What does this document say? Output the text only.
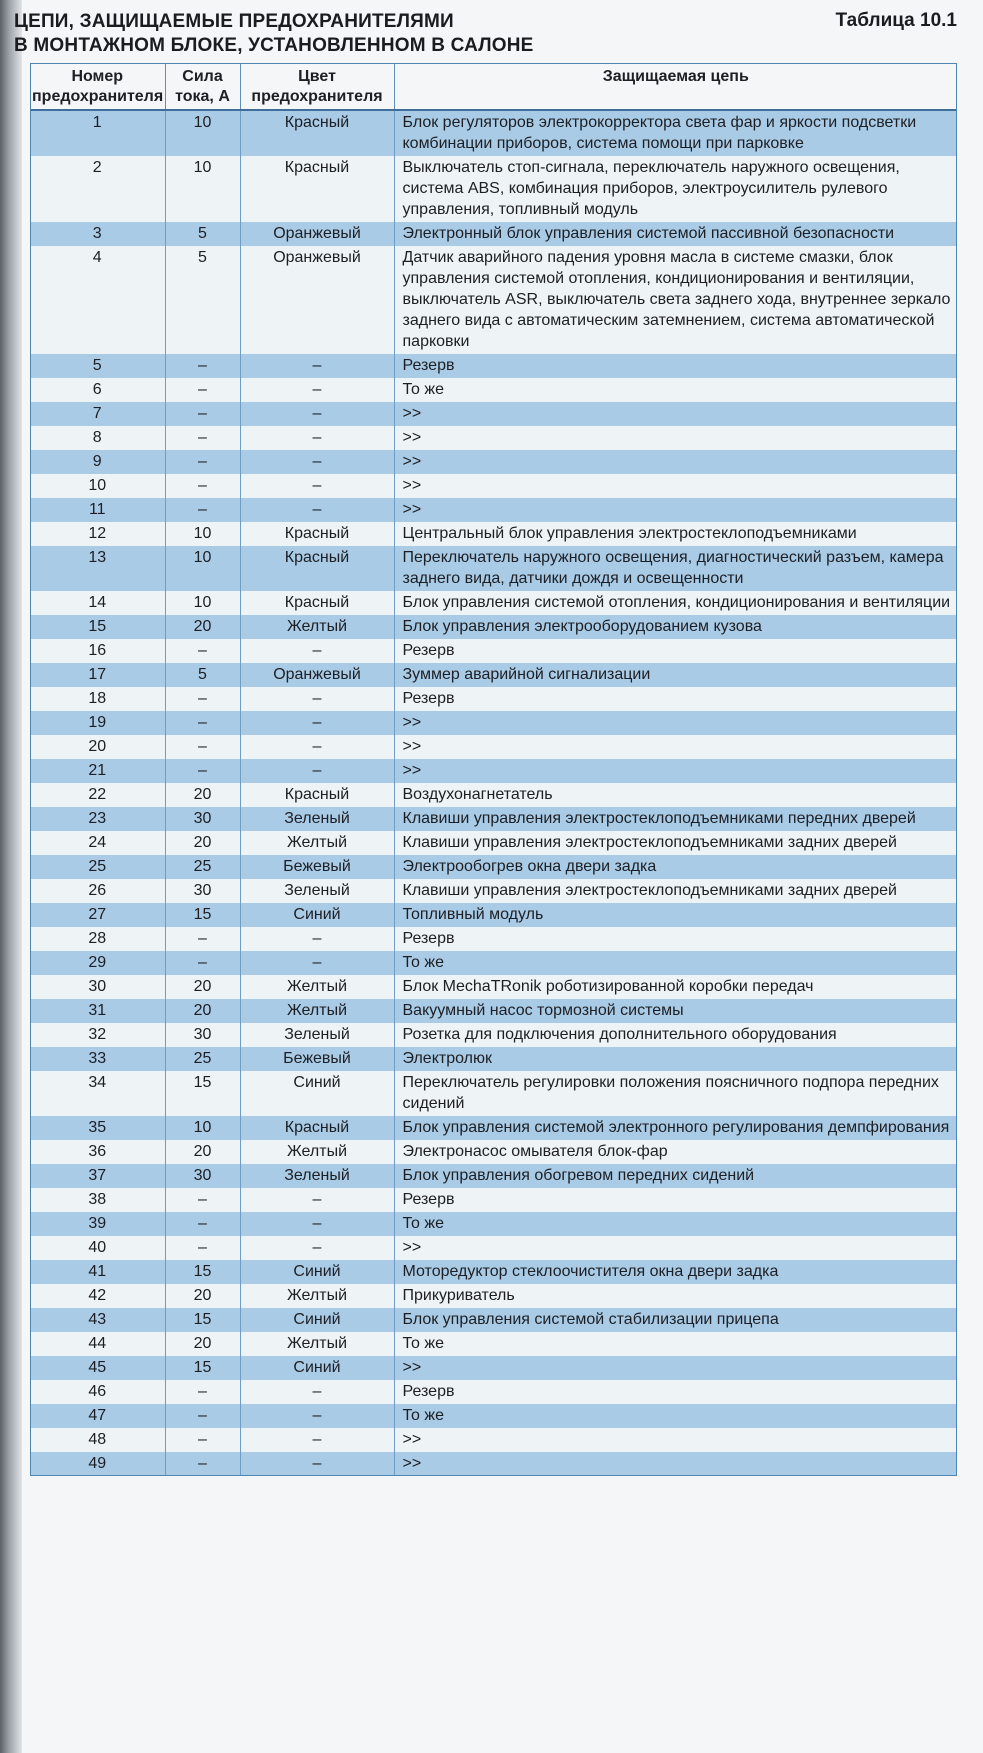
ЦЕПИ, ЗАЩИЩАЕМЫЕ ПРЕДОХРАНИТЕЛЯМИ
В МОНТАЖНОМ БЛОКЕ, УСТАНОВЛЕННОМ В САЛОНЕ
Таблица 10.1
Номер предохранителя	Сила тока, А	Цвет предохранителя	Защищаемая цепь
1	10	Красный	Блок регуляторов электрокорректора света фар и яркости подсветки комбинации приборов, система помощи при парковке
2	10	Красный	Выключатель стоп-сигнала, переключатель наружного освещения, система ABS, комбинация приборов, электроусилитель рулевого управления, топливный модуль
3	5	Оранжевый	Электронный блок управления системой пассивной безопасности
4	5	Оранжевый	Датчик аварийного падения уровня масла в системе смазки, блок управления системой отопления, кондиционирования и вентиляции, выключатель ASR, выключатель света заднего хода, внутреннее зеркало заднего вида с автоматическим затемнением, система автоматической парковки
5	–	–	Резерв
6	–	–	То же
7	–	–	>>
8	–	–	>>
9	–	–	>>
10	–	–	>>
11	–	–	>>
12	10	Красный	Центральный блок управления электростеклоподъемниками
13	10	Красный	Переключатель наружного освещения, диагностический разъем, камера заднего вида, датчики дождя и освещенности
14	10	Красный	Блок управления системой отопления, кондиционирования и вентиляции
15	20	Желтый	Блок управления электрооборудованием кузова
16	–	–	Резерв
17	5	Оранжевый	Зуммер аварийной сигнализации
18	–	–	Резерв
19	–	–	>>
20	–	–	>>
21	–	–	>>
22	20	Красный	Воздухонагнетатель
23	30	Зеленый	Клавиши управления электростеклоподъемниками передних дверей
24	20	Желтый	Клавиши управления электростеклоподъемниками задних дверей
25	25	Бежевый	Электрообогрев окна двери задка
26	30	Зеленый	Клавиши управления электростеклоподъемниками задних дверей
27	15	Синий	Топливный модуль
28	–	–	Резерв
29	–	–	То же
30	20	Желтый	Блок MechaTRonik роботизированной коробки передач
31	20	Желтый	Вакуумный насос тормозной системы
32	30	Зеленый	Розетка для подключения дополнительного оборудования
33	25	Бежевый	Электролюк
34	15	Синий	Переключатель регулировки положения поясничного подпора передних сидений
35	10	Красный	Блок управления системой электронного регулирования демпфирования
36	20	Желтый	Электронасос омывателя блок-фар
37	30	Зеленый	Блок управления обогревом передних сидений
38	–	–	Резерв
39	–	–	То же
40	–	–	>>
41	15	Синий	Моторедуктор стеклоочистителя окна двери задка
42	20	Желтый	Прикуриватель
43	15	Синий	Блок управления системой стабилизации прицепа
44	20	Желтый	То же
45	15	Синий	>>
46	–	–	Резерв
47	–	–	То же
48	–	–	>>
49	–	–	>>
